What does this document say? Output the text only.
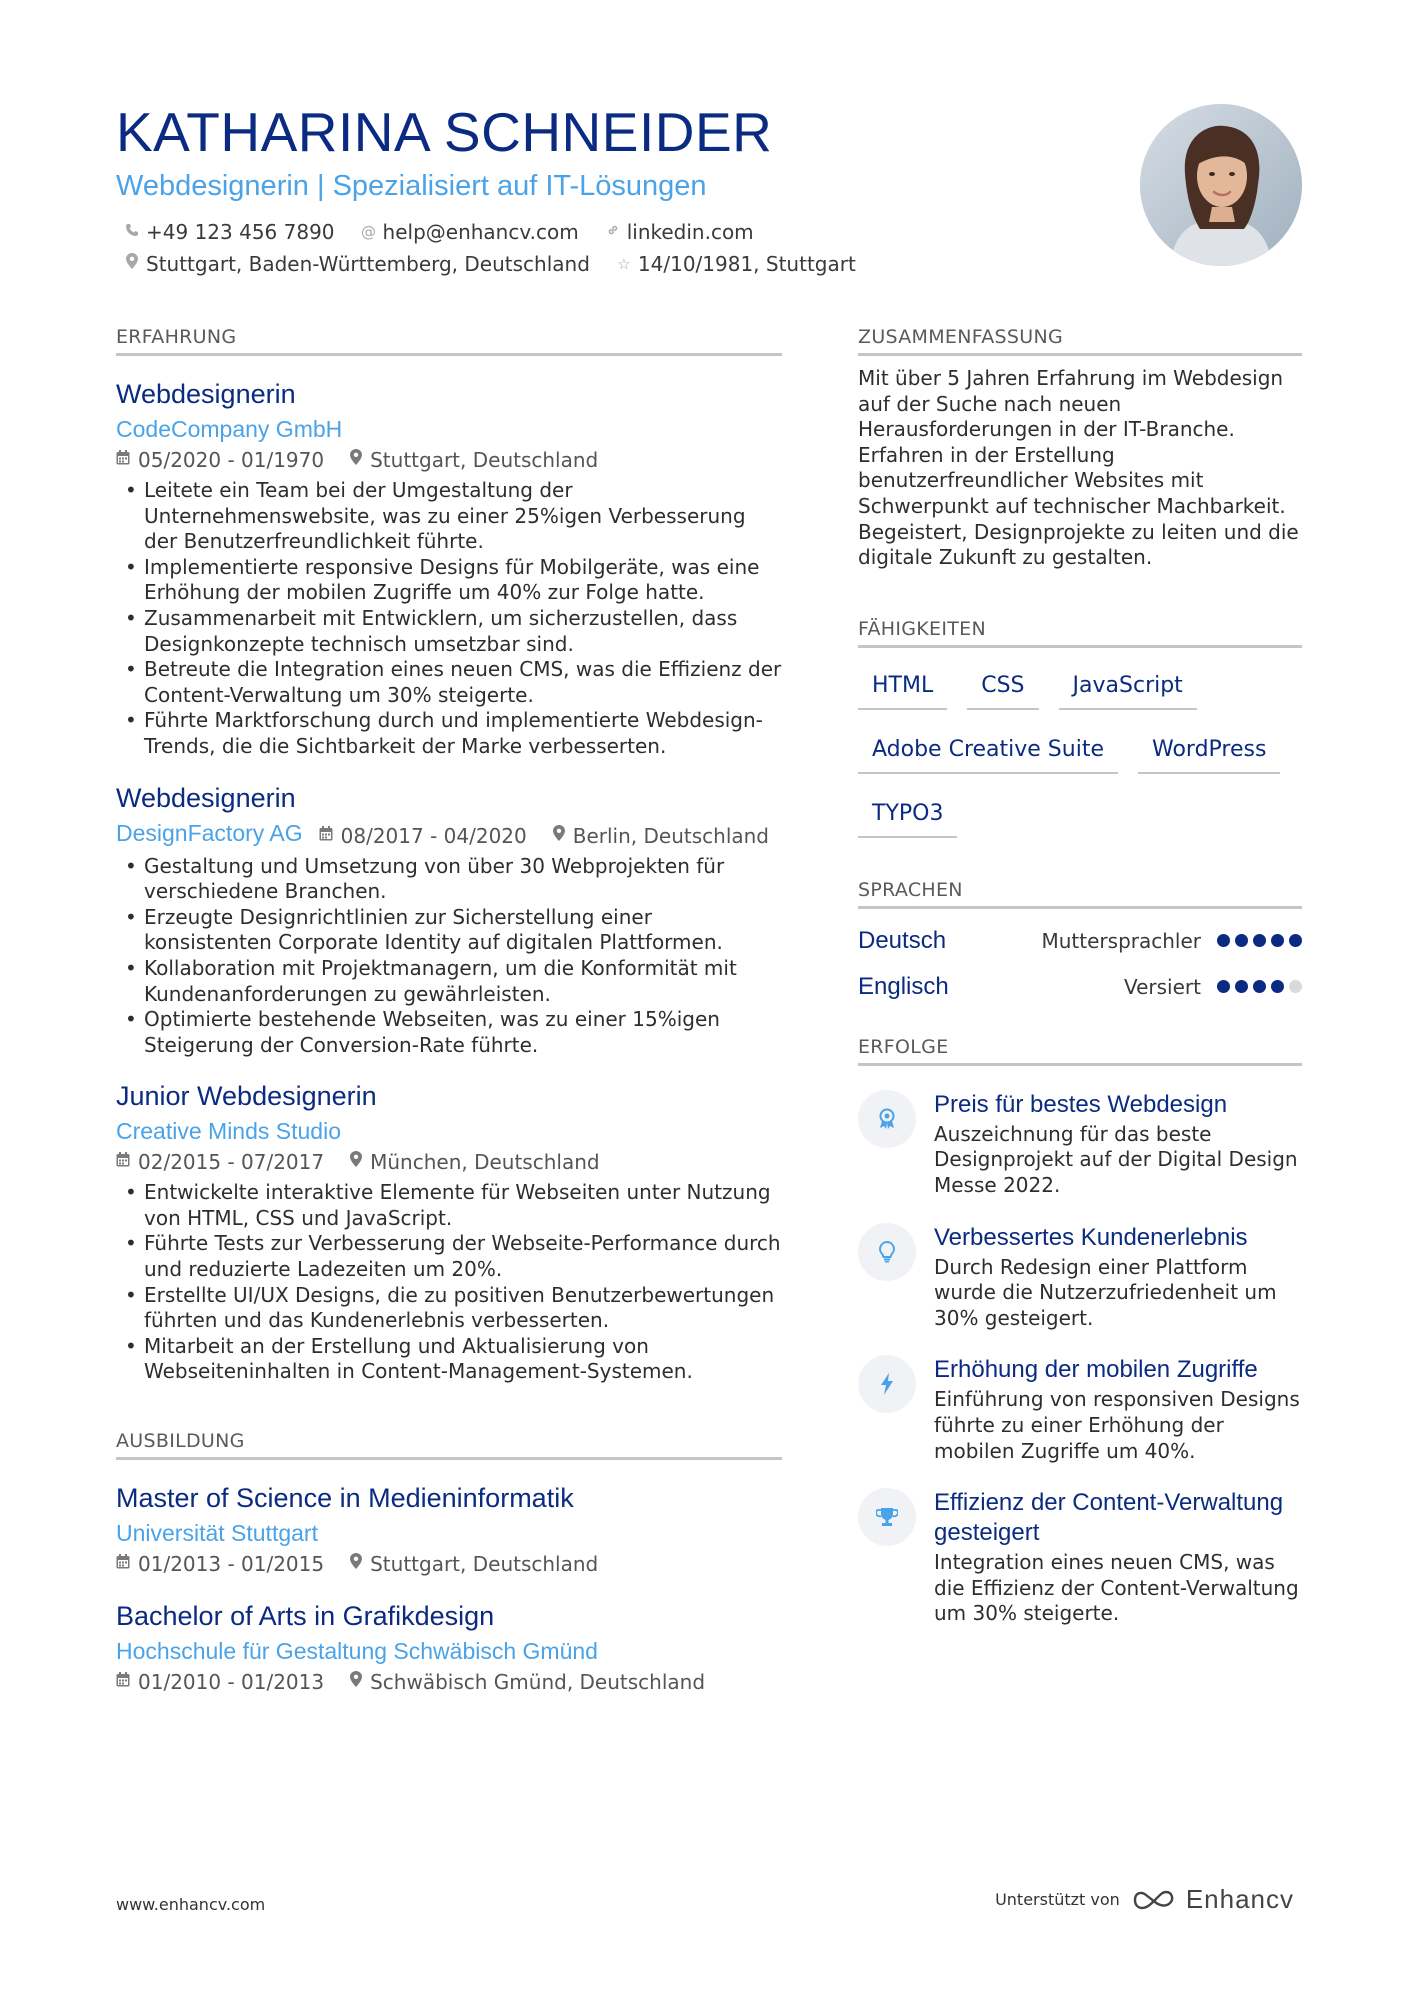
KATHARINA SCHNEIDER
Webdesignerin | Spezialisiert auf IT-Lösungen
+49 123 456 7890 @ help@enhancv.com linkedin.com
Stuttgart, Baden-Württemberg, Deutschland ☆ 14/10/1981, Stuttgart
ERFAHRUNG
Webdesignerin
CodeCompany GmbH
05/2020 - 01/1970 Stuttgart, Deutschland
• Leitete ein Team bei der Umgestaltung der Unternehmenswebsite, was zu einer 25%igen Verbesserung der Benutzerfreundlichkeit führte.
• Implementierte responsive Designs für Mobilgeräte, was eine Erhöhung der mobilen Zugriffe um 40% zur Folge hatte.
• Zusammenarbeit mit Entwicklern, um sicherzustellen, dass Designkonzepte technisch umsetzbar sind.
• Betreute die Integration eines neuen CMS, was die Effizienz der Content-Verwaltung um 30% steigerte.
• Führte Marktforschung durch und implementierte Webdesign-Trends, die die Sichtbarkeit der Marke verbesserten.
Webdesignerin
DesignFactory AG 08/2017 - 04/2020 Berlin, Deutschland
• Gestaltung und Umsetzung von über 30 Webprojekten für verschiedene Branchen.
• Erzeugte Designrichtlinien zur Sicherstellung einer konsistenten Corporate Identity auf digitalen Plattformen.
• Kollaboration mit Projektmanagern, um die Konformität mit Kundenanforderungen zu gewährleisten.
• Optimierte bestehende Webseiten, was zu einer 15%igen Steigerung der Conversion-Rate führte.
Junior Webdesignerin
Creative Minds Studio
02/2015 - 07/2017 München, Deutschland
• Entwickelte interaktive Elemente für Webseiten unter Nutzung von HTML, CSS und JavaScript.
• Führte Tests zur Verbesserung der Webseite-Performance durch und reduzierte Ladezeiten um 20%.
• Erstellte UI/UX Designs, die zu positiven Benutzerbewertungen führten und das Kundenerlebnis verbesserten.
• Mitarbeit an der Erstellung und Aktualisierung von Webseiteninhalten in Content-Management-Systemen.
AUSBILDUNG
Master of Science in Medieninformatik
Universität Stuttgart
01/2013 - 01/2015 Stuttgart, Deutschland
Bachelor of Arts in Grafikdesign
Hochschule für Gestaltung Schwäbisch Gmünd
01/2010 - 01/2013 Schwäbisch Gmünd, Deutschland
ZUSAMMENFASSUNG
Mit über 5 Jahren Erfahrung im Webdesign auf der Suche nach neuen Herausforderungen in der IT-Branche. Erfahren in der Erstellung benutzerfreundlicher Websites mit Schwerpunkt auf technischer Machbarkeit. Begeistert, Designprojekte zu leiten und die digitale Zukunft zu gestalten.
FÄHIGKEITEN
HTML	CSS	JavaScript
Adobe Creative Suite	WordPress
TYPO3
SPRACHEN
Deutsch	Muttersprachler
Englisch	Versiert
ERFOLGE
Preis für bestes Webdesign
Auszeichnung für das beste Designprojekt auf der Digital Design Messe 2022.
Verbessertes Kundenerlebnis
Durch Redesign einer Plattform wurde die Nutzerzufriedenheit um 30% gesteigert.
Erhöhung der mobilen Zugriffe
Einführung von responsiven Designs führte zu einer Erhöhung der mobilen Zugriffe um 40%.
Effizienz der Content-Verwaltung gesteigert
Integration eines neuen CMS, was die Effizienz der Content-Verwaltung um 30% steigerte.
www.enhancv.com	Unterstützt von	Enhancv
